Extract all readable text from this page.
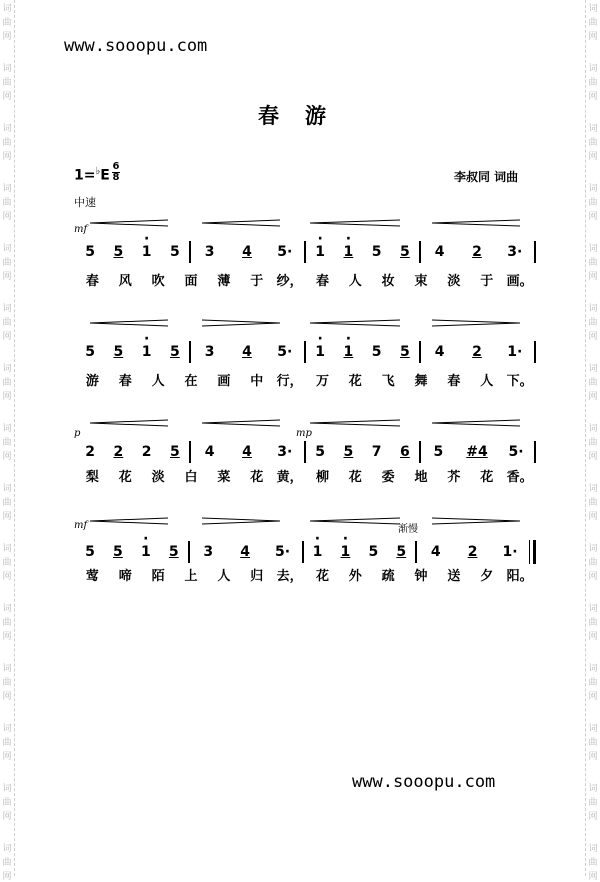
词
曲
网
词
曲
网
词
曲
网
词
曲
网
词
曲
网
词
曲
网
词
曲
网
词
曲
网
词
曲
网
词
曲
网
词
曲
网
词
曲
网
词
曲
网
词
曲
网
词
曲
网
词
曲
网
词
曲
网
词
曲
网
词
曲
网
词
曲
网
词
曲
网
词
曲
网
词
曲
网
词
曲
网
词
曲
网
词
曲
网
词
曲
网
词
曲
网
词
曲
网
词
曲
网
www.sooopu.com
春游
1=♭E
6
8	李叔同 词曲
中速
mf
5 5 · 1 5 3 4 5· · 1 · 1 5 5 4 2 3·
春	风	吹	面	薄	于	纱，	春	人	妆	束	淡	于	画。
5 5 · 1 5 3 4 5· · 1 · 1 5 5 4 2 1·
游	春	人	在	画	中	行，	万	花	飞	舞	春	人	下。
p	mp
2 2 2 5 4 4 3· 5 5 7 6 5 #4 5·
梨	花	淡	白	菜	花	黄，	柳	花	委	地	芥	花	香。
mf	渐慢
5 5 · 1 5 3 4 5· · 1 · 1 5 5 4 2 1·
莺	啼	陌	上	人	归	去，	花	外	疏	钟	送	夕	阳。
www.sooopu.com
